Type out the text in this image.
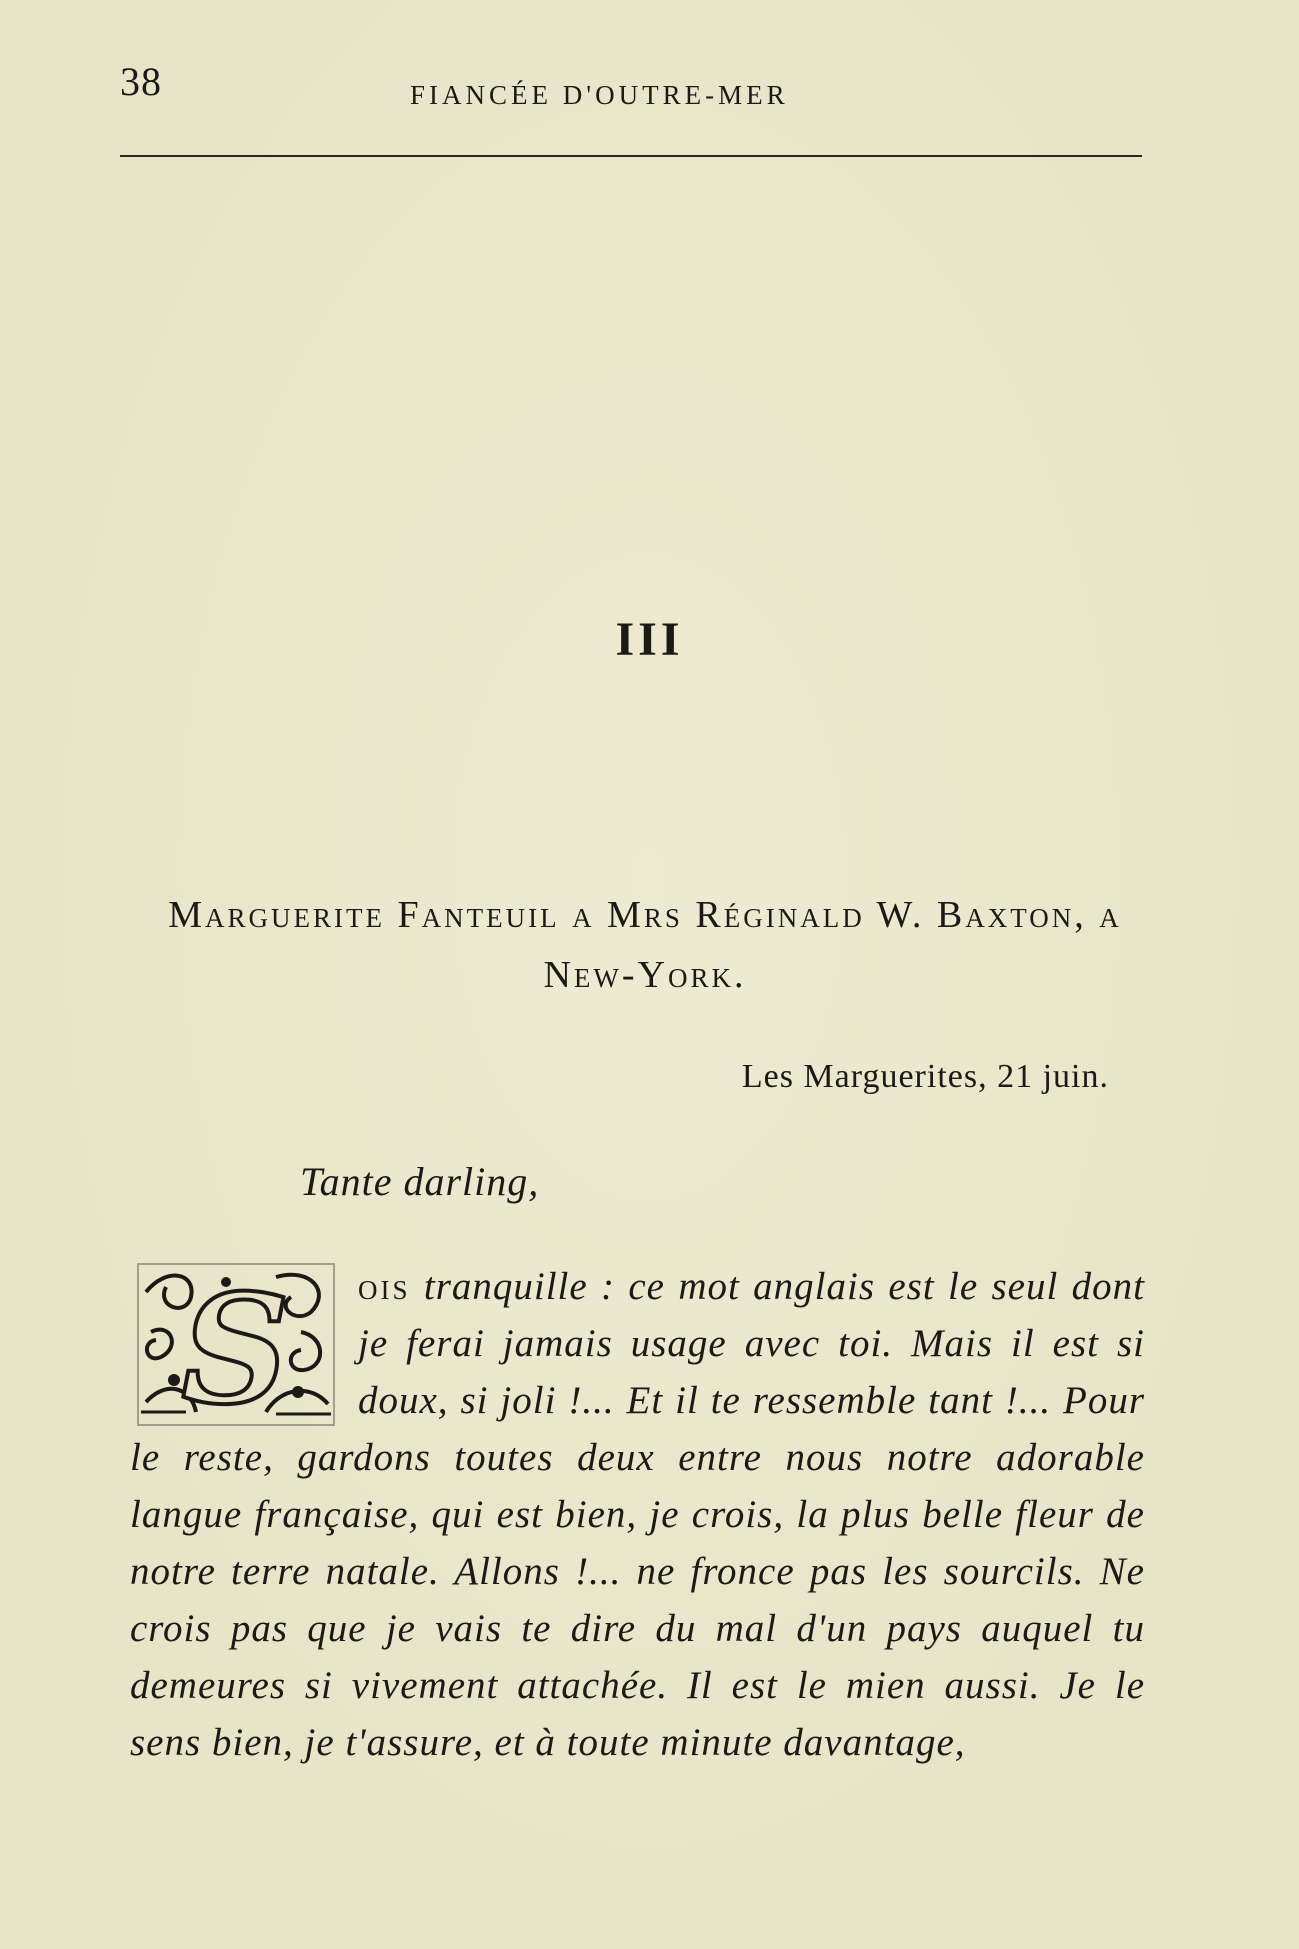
38	FIANCÉE D'OUTRE-MER
III
Marguerite Fanteuil a Mrs Réginald W. Baxton, a New-York.
Les Marguerites, 21 juin.
Tante darling,
S ois tranquille : ce mot anglais est le seul dont je ferai jamais usage avec toi. Mais il est si doux, si joli !... Et il te ressemble tant !... Pour le reste, gardons toutes deux entre nous notre adorable langue française, qui est bien, je crois, la plus belle fleur de notre terre natale. Allons !... ne fronce pas les sourcils. Ne crois pas que je vais te dire du mal d'un pays auquel tu demeures si vivement attachée. Il est le mien aussi. Je le sens bien, je t'assure, et à toute minute davantage,
